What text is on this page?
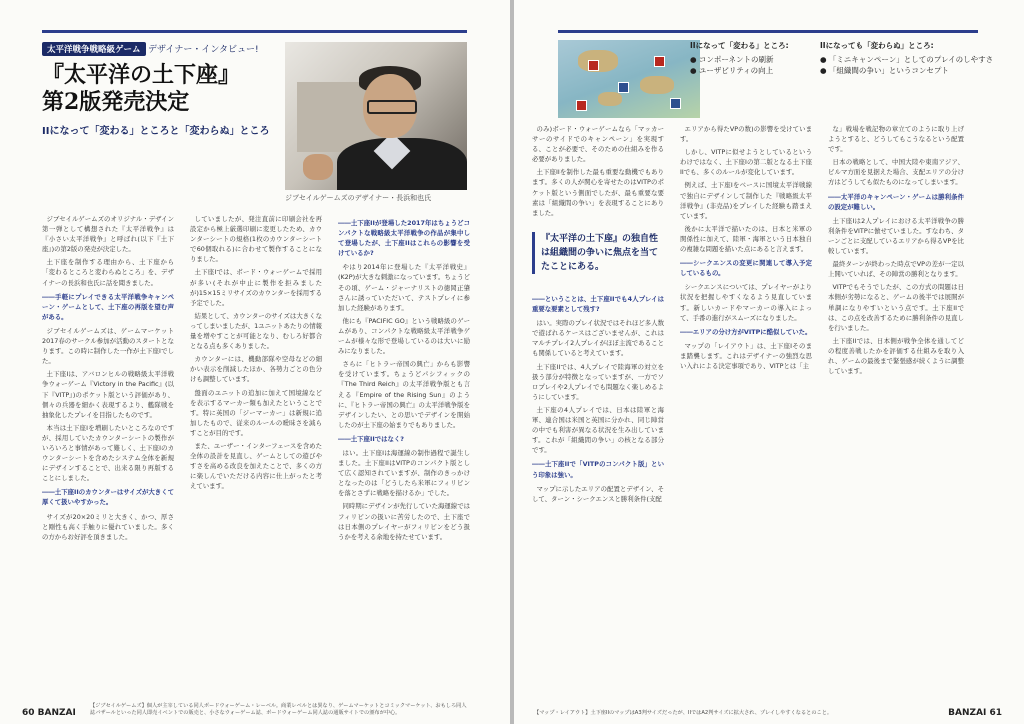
太平洋戦争戦略級ゲーム デザイナー・インタビュー!
『太平洋の土下座』
第2版発売決定
IIになって「変わる」ところと「変わらぬ」ところ
ジブセイルゲームズのデザイナー・長浜和也氏

ジブセイルゲームズのオリジナル・デザイン第一弾として構想された『太平洋戦争』は『小さい太平洋戦争』と呼ばれ(以下『土下座』)の第2版の発売が決定した。

土下座を制作する理由から、土下座から「変わるところと変わらぬところ」を、デザイナーの長浜和也氏に話を聞きました。

――手軽にプレイできる太平洋戦争キャンペーン・ゲームとして、土下座の再版を望む声がある。

ジブセイルゲームズは、ゲームマーケット2017春のサークル参加が活動のスタートとなります。この時に制作した一作が土下座Iでした。

土下座Iは、アバロンヒルの戦略級太平洋戦争ウォーゲーム『Victory in the Pacific』(以下『VITP』)のポケット版という評価があり、個々の兵器を細かく表現するより、艦隊戦を抽象化したプレイを目指したものです。

本当は土下座Iを増刷したいところなのですが、採用していたカウンターシートの製作がいろいろと事情があって難しく、土下座Iのカウンターシートを含めたシステム全体を新規にデザインすることで、出来る限り再版することにしました。

――土下座IIのカウンターはサイズが大きくて厚くて扱いやすかった。

サイズが20×20ミリと大きく、かつ、厚さと剛性も高く手触りに優れていました。多くの方からお好評を頂きました。

していましたが、発注直前に印刷会社を再設定から極上厳選印刷に変更したため、カウンターシートの規格(1枚のカウンターシートで60個取れる)に合わせて製作することになりました。

土下座Iでは、ボード・ウォーゲームで採用が多い(それが中止に製作を拒みましたが)15×15ミリサイズのカウンターを採用する予定でした。

結果として、カウンターのサイズは大きくなってしまいましたが、1ユニットあたりの情報量を増やすことが可能となり、むしろ好都合となる点も多くありました。

カウンターには、機動部隊や空母などの細かい表示を削減したほか、各勢力ごとの色分けも調整しています。

盤面のユニットの追加に加えて国境線などを表示するマーカー類も加えたということです。特に英国の「ジーマーカー」は新規に追加したもので、従来のルールの曖昧さを減らすことが目的です。

また、ユーザー・インターフェースを含めた全体の設計を見直し、ゲームとしての遊びやすさを高める改良を加えたことで、多くの方に楽しんでいただける内容に仕上がったと考えています。

――土下座IIが登場した2017年はちょうどコンパクトな戦略級太平洋戦争の作品が集中して登場したが、土下座IIはこれらの影響を受けているか?

やはり2014年に登場した『太平洋戦史』(K2P)が大きな刺激になっています。ちょうどその頃、ゲーム・ジャーナリストの徳岡正肇さんに誘っていただいて、テストプレイに参加した経験があります。

他にも『PACIFIC GO』という戦略級のゲームがあり、コンパクトな戦略級太平洋戦争ゲームが様々な形で登場しているのは大いに励みになりました。

さらに「ヒトラー帝国の興亡」からも影響を受けています。ちょうどパシフィックの『The Third Reich』の太平洋戦争版とも言える『Empire of the Rising Sun』のように、『ヒトラー帝国の興亡』の太平洋戦争版をデザインしたい、との思いでデザインを開始したのが土下座の始まりでもありました。

――土下座IIではなく?

はい。土下座Iは海運線の制作過程で誕生しました。土下座IIはVITPのコンパクト版として広く認知されていますが、制作のきっかけとなったのは「どうしたら米軍にフィリピンを落とさずに戦略を描けるか」でした。

同時期にデザインが先行していた海運線ではフィリピンの扱いに苦労したので、土下座では日本側のプレイヤーがフィリピンをどう扱うかを考える余地を持たせています。

【ジブセイルゲームズ】個人が主宰している同人ボードウォーゲーム・レーベル。商業レベルとは異なり、ゲームマーケットとコミックマーケット、おもしろ同人誌バザールといった同人即売イベントでの販売と、小さなウォーゲーム誌、ボードウォーゲーム同人誌の通販サイトでの頒布が中心。
60 BANZAI
IIになって「変わる」ところ:
● コンポーネントの刷新
● ユーザビリティの向上
IIになっても「変わらぬ」ところ:
● 「ミニキャンペーン」としてのプレイのしやすさ
● 「組織間の争い」というコンセプト

のみ)ボード・ウォーゲームなら「マッカーサーのサイドでのキャンペーン」を実現する、ことが必要で、そのための仕組みを作る必要がありました。

土下座IIを制作した最も重要な動機でもあります。多くの人が関心を寄せたのはVITPのポケット版という側面でしたが、最も重要な要素は「組織間の争い」を表現することにありました。

『太平洋の土下座』の独自性は組織間の争いに焦点を当てたことにある。

――ということは、土下座IIでも4人プレイは重要な要素として残す?

はい。実際のプレイ状況ではそれほど多人数で遊ばれるケースはございませんが、これはマルチプレイ2人プレイがほぼ主流であることも関係していると考えています。

土下座IIでは、4人プレイで陸海軍の対立を扱う部分が特徴となっていますが、一方でソロプレイや2人プレイでも問題なく楽しめるようにしています。

土下座の4人プレイでは、日本は陸軍と海軍、連合国は米国と英国に分かれ、同じ陣営の中でも利害が異なる状況を生み出しています。これが「組織間の争い」の核となる部分です。

――土下座IIで「VITPのコンパクト版」という印象は強い。

マップに示したエリアの配置とデザイン、そして、ターン・シークエンスと勝利条件(支配

エリアから得たVPの数)の影響を受けています。

しかし、VITPに似せようとしているというわけではなく、土下座Iの第二版となる土下座IIでも、多くのルールが変化しています。

例えば、土下座Iをベースに国境太平洋戦線で独自にデザインして制作した『戦略級太平洋戦争』(非売品)をプレイした経験も踏まえています。

後かに太平洋で描いたのは、日本と米軍の関係性に加えて、陸軍・海軍という日本独自の複雑な問題を描いた点にあると言えます。

――シークエンスの変更に関連して導入予定しているもの。

シークエンスについては、プレイヤーがより状況を把握しやすくなるよう見直しています。新しいカードやマーカーの導入によって、手番の進行がスムーズになりました。

――エリアの分け方がVITPに酷似していた。

マップの「レイアウト」は、土下座Iそのまま踏襲します。これはデザイナーの強烈な思い入れによる決定事項であり、VITPとは「主

な」戦場を戦記物の章立てのように取り上げようとすると、どうしてもこうなるという配置です。

日本の戦略として、中国大陸や東南アジア、ビルマ方面を見据えた場合、支配エリアの分け方はどうしても似たものになってしまいます。

――太平洋のキャンペーン・ゲームは勝利条件の設定が難しい。

土下座Iは2人プレイにおける太平洋戦争の勝利条件をVITPに倣せていました。すなわち、ターンごとに支配しているエリアから得るVPを比較しています。

最終ターンが終わった時点でVPの差が一定以上開いていれば、その陣営の勝利となります。

VITPでもそうでしたが、この方式の問題は日本側が劣勢になると、ゲームの後半では展開が単調になりやすいという点です。土下座IIでは、この点を改善するために勝利条件の見直しを行いました。

土下座IIでは、日本側が戦争全体を通してどの程度善戦したかを評価する仕組みを取り入れ、ゲームの最後まで緊張感が続くように調整しています。

【マップ・レイアウト】土下座IIのマップはA3判サイズだったが、IIではA2判サイズに拡大され、プレイしやすくなるとのこと。	BANZAI 61
